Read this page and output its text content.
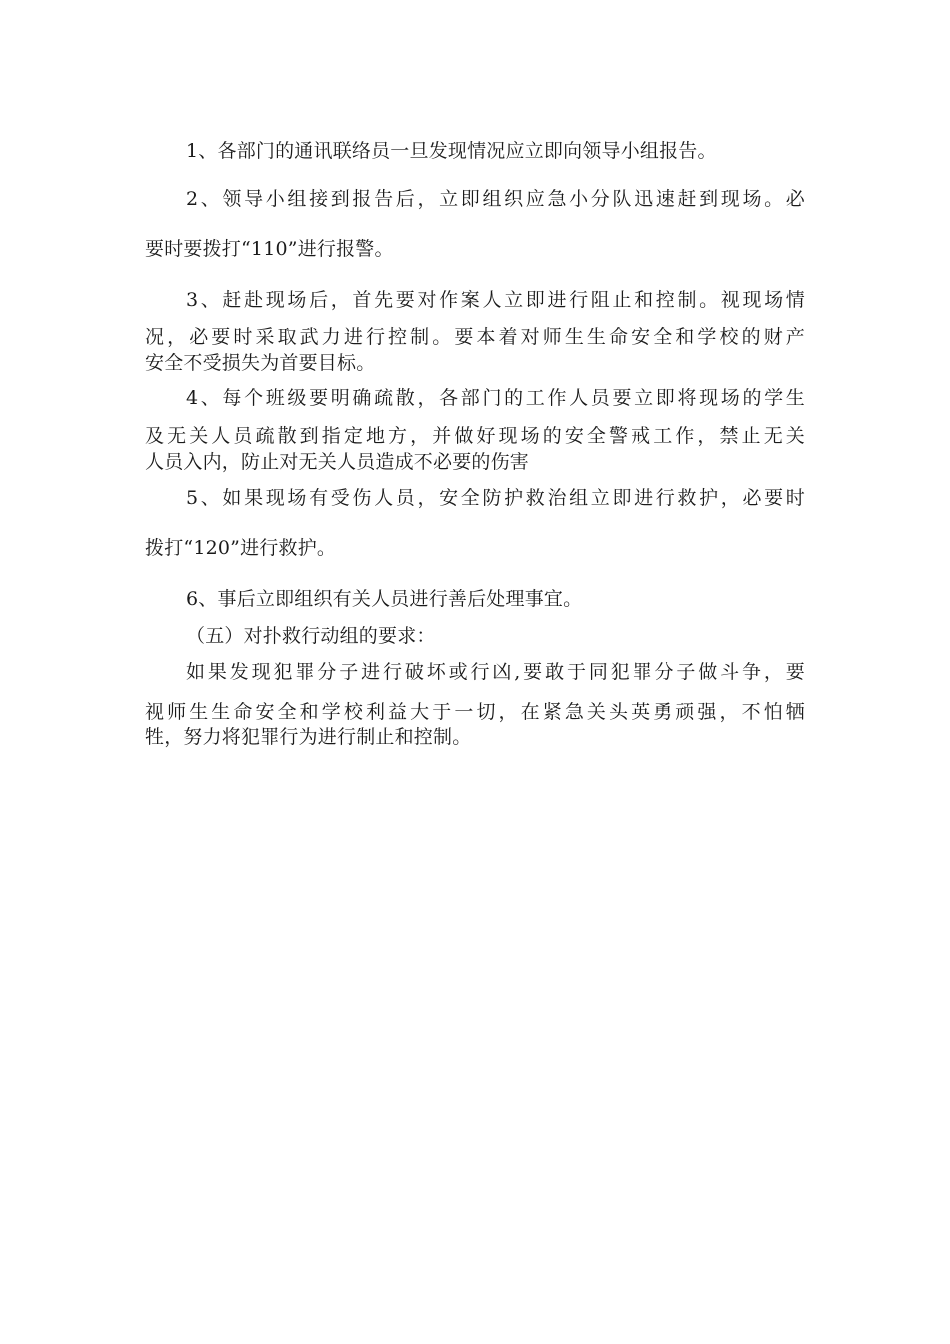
1、各部门的通讯联络员一旦发现情况应立即向领导小组报告。
2、领导小组接到报告后，立即组织应急小分队迅速赶到现场。必
要时要拨打“110”进行报警。
3、赶赴现场后，首先要对作案人立即进行阻止和控制。视现场情
况，必要时采取武力进行控制。要本着对师生生命安全和学校的财产
安全不受损失为首要目标。
4、每个班级要明确疏散，各部门的工作人员要立即将现场的学生
及无关人员疏散到指定地方，并做好现场的安全警戒工作，禁止无关
人员入内，防止对无关人员造成不必要的伤害
5、如果现场有受伤人员，安全防护救治组立即进行救护，必要时
拨打“120”进行救护。
6、事后立即组织有关人员进行善后处理事宜。
（五）对扑救行动组的要求：
如果发现犯罪分子进行破坏或行凶,要敢于同犯罪分子做斗争，要
视师生生命安全和学校利益大于一切，在紧急关头英勇顽强，不怕牺
牲，努力将犯罪行为进行制止和控制。
